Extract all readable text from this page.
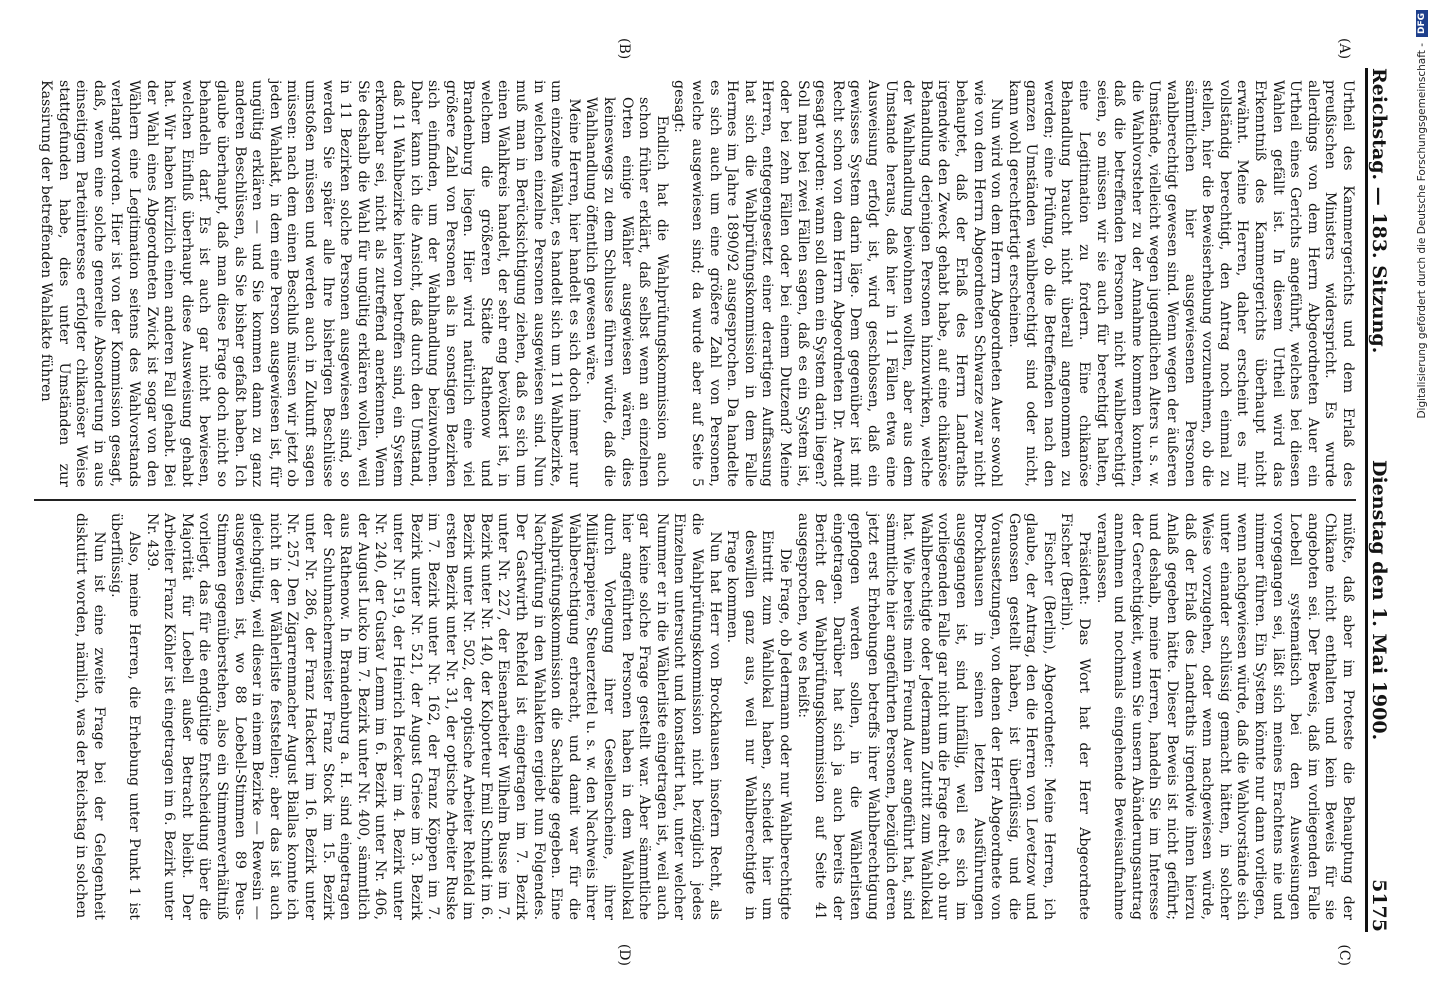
Reichstag. — 183. Sitzung.
Dienstag den 1. Mai 1900.
5175
(A)
(B)
(C)
(D)

Urtheil des Kammergerichts und dem Erlaß des preußischen Ministers widerspricht. Es wurde allerdings von dem Herrn Abgeordneten Auer ein Urtheil eines Gerichts angeführt, welches bei diesen Wahlen gefällt ist. In diesem Urtheil wird das Erkenntniß des Kammergerichts überhaupt nicht erwähnt. Meine Herren, daher erscheint es mir vollständig berechtigt, den Antrag noch einmal zu stellen, hier die Beweiserhebung vorzunehmen, ob die sämmtlichen hier ausgewiesenen Personen wahlberechtigt gewesen sind. Wenn wegen der äußeren Umstände, vielleicht wegen jugendlichen Alters u. s. w. die Wahlvorsteher zu der Annahme kommen konnten, daß die betreffenden Personen nicht wahlberechtigt seien, so müssen wir sie auch für berechtigt halten, eine Legitimation zu fordern. Eine chikanöse Behandlung braucht nicht überall angenommen zu werden; eine Prüfung, ob die Betreffenden nach den ganzen Umständen wahlberechtigt sind oder nicht, kann wohl gerechtfertigt erscheinen.

Nun wird von dem Herrn Abgeordneten Auer sowohl wie von dem Herrn Abgeordneten Schwarze zwar nicht behauptet, daß der Erlaß des Herrn Landraths irgendwie den Zweck gehabt habe, auf eine chikanöse Behandlung derjenigen Personen hinzuwirken, welche der Wahlhandlung beiwohnen wollten, aber aus dem Umstande heraus, daß hier in 11 Fällen etwa eine Ausweisung erfolgt ist, wird geschlossen, daß ein gewisses System darin läge. Dem gegenüber ist mit Recht schon von dem Herrn Abgeordneten Dr. Arendt gesagt worden: wann soll denn ein System darin liegen? Soll man bei zwei Fällen sagen, daß es ein System ist, oder bei zehn Fällen oder bei einem Dutzend? Meine Herren, entgegengesetzt einer derartigen Auffassung hat sich die Wahlprüfungskommission in dem Falle Hermes im Jahre 1890/92 ausgesprochen. Da handelte es sich auch um eine größere Zahl von Personen, welche ausgewiesen sind; da wurde aber auf Seite 5 gesagt:

Endlich hat die Wahlprüfungskommission auch schon früher erklärt, daß selbst wenn an einzelnen Orten einige Wähler ausgewiesen wären, dies keineswegs zu dem Schlusse führen würde, daß die Wahlhandlung öffentlich gewesen wäre.

Meine Herren, hier handelt es sich doch immer nur um einzelne Wähler, es handelt sich um 11 Wahlbezirke, in welchen einzelne Personen ausgewiesen sind. Nun muß man in Berücksichtigung ziehen, daß es sich um einen Wahlkreis handelt, der sehr eng bevölkert ist, in welchem die größeren Städte Rathenow und Brandenburg liegen. Hier wird natürlich eine viel größere Zahl von Personen als in sonstigen Bezirken sich einfinden, um der Wahlhandlung beizuwohnen. Daher kann ich die Ansicht, daß durch den Umstand, daß 11 Wahlbezirke hiervon betroffen sind, ein System erkennbar sei, nicht als zutreffend anerkennen. Wenn Sie deshalb die Wahl für ungültig erklären wollen, weil in 11 Bezirken solche Personen ausgewiesen sind, so werden Sie später alle Ihre bisherigen Beschlüsse umstoßen müssen und werden auch in Zukunft sagen müssen: nach dem einen Beschluß müssen wir jetzt ob jeden Wahlakt, in dem eine Person ausgewiesen ist, für ungültig erklären — und Sie kommen dann zu ganz anderen Beschlüssen, als Sie bisher gefaßt haben. Ich glaube überhaupt, daß man diese Frage doch nicht so behandeln darf. Es ist auch gar nicht bewiesen, welchen Einfluß überhaupt diese Ausweisung gehabt hat. Wir haben kürzlich einen anderen Fall gehabt. Bei der Wahl eines Abgeordneten Zwick ist sogar von den Wählern eine Legitimation seitens des Wahlvorstands verlangt worden. Hier ist von der Kommission gesagt, daß, wenn eine solche generelle Absonderung in aus einseitigem Parteiinteresse erfolgter chikanöser Weise stattgefunden habe, dies unter Umständen zur Kassirung der betreffenden Wahlakte führen

müßte, daß aber im Proteste die Behauptung der Chikane nicht enthalten und kein Beweis für sie angeboten sei. Der Beweis, daß im vorliegenden Falle Loebell systematisch bei den Ausweisungen vorgegangen sei, läßt sich meines Erachtens nie und nimmer führen. Ein System könnte nur dann vorliegen, wenn nachgewiesen würde, daß die Wahlvorstände sich unter einander schlüssig gemacht hätten, in solcher Weise vorzugehen, oder wenn nachgewiesen würde, daß der Erlaß des Landraths irgendwie ihnen hierzu Anlaß gegeben hätte. Dieser Beweis ist nicht geführt; und deshalb, meine Herren, handeln Sie im Interesse der Gerechtigkeit, wenn Sie unsern Abänderungsantrag annehmen und nochmals eingehende Beweisaufnahme veranlassen.

Präsident: Das Wort hat der Herr Abgeordnete Fischer (Berlin).

Fischer (Berlin), Abgeordneter: Meine Herren, ich glaube, der Antrag, den die Herren von Levetzow und Genossen gestellt haben, ist überflüssig, und die Voraussetzungen, von denen der Herr Abgeordnete von Brockhausen in seinen letzten Ausführungen ausgegangen ist, sind hinfällig, weil es sich im vorliegenden Falle gar nicht um die Frage dreht, ob nur Wahlberechtigte oder Jedermann Zutritt zum Wahllokal hat. Wie bereits mein Freund Auer angeführt hat, sind sämmtliche hier angeführten Personen, bezüglich deren jetzt erst Erhebungen betreffs ihrer Wahlberechtigung gepflogen werden sollen, in die Wählerlisten eingetragen. Darüber hat sich ja auch bereits der Bericht der Wahlprüfungskommission auf Seite 41 ausgesprochen, wo es heißt:

Die Frage, ob Jedermann oder nur Wahlberechtigte Eintritt zum Wahllokal haben, scheidet hier um deswillen ganz aus, weil nur Wahlberechtigte in Frage kommen.

Nun hat Herr von Brockhausen insofern Recht, als die Wahlprüfungskommission nicht bezüglich jedes Einzelnen untersucht und konstatirt hat, unter welcher Nummer er in die Wählerliste eingetragen ist, weil auch gar keine solche Frage gestellt war. Aber sämmtliche hier angeführten Personen haben in dem Wahllokal durch Vorlegung ihrer Gesellenscheine, ihrer Militärpapiere, Steuerzettel u. s. w. den Nachweis ihrer Wahlberechtigung erbracht, und damit war für die Wahlprüfungskommission die Sachlage gegeben. Eine Nachprüfung in den Wahlakten ergiebt nun Folgendes. Der Gastwirth Rehfeld ist eingetragen im 7. Bezirk unter Nr. 227, der Eisenarbeiter Wilhelm Busse im 7. Bezirk unter Nr. 140, der Kolporteur Emil Schmidt im 6. Bezirk unter Nr. 502, der optische Arbeiter Rehfeld im ersten Bezirk unter Nr. 31, der optische Arbeiter Ruske im 7. Bezirk unter Nr. 162, der Franz Köppen im 7. Bezirk unter Nr. 521, der August Griese im 3. Bezirk unter Nr. 519, der Heinrich Hecker im 4. Bezirk unter Nr. 240, der Gustav Lemm im 6. Bezirk unter Nr. 406, der August Lucko im 7. Bezirk unter Nr. 400, sämmtlich aus Rathenow. In Brandenburg a. H. sind eingetragen der Schuhmachermeister Franz Stock im 15. Bezirk unter Nr. 286, der Franz Hackert im 16. Bezirk unter Nr. 257. Den Zigarrenmacher August Biallas konnte ich nicht in der Wählerliste feststellen; aber das ist auch gleichgültig, weil dieser in einem Bezirke — Rewesin — ausgewiesen ist, wo 88 Loebell-Stimmen 89 Peus-Stimmen gegenüberstehen, also ein Stimmenverhältniß vorliegt, das für die endgültige Entscheidung über die Majorität für Loebell außer Betracht bleibt. Der Arbeiter Franz Köhler ist eingetragen im 6. Bezirk unter Nr. 439.

Also, meine Herren, die Erhebung unter Punkt 1 ist überflüssig.

Nun ist eine zweite Frage bei der Gelegenheit diskutirt worden, nämlich, was der Reichstag in solchen

Digitalisierung gefördert durch die Deutsche Forschungsgemeinschaft -
DFG
